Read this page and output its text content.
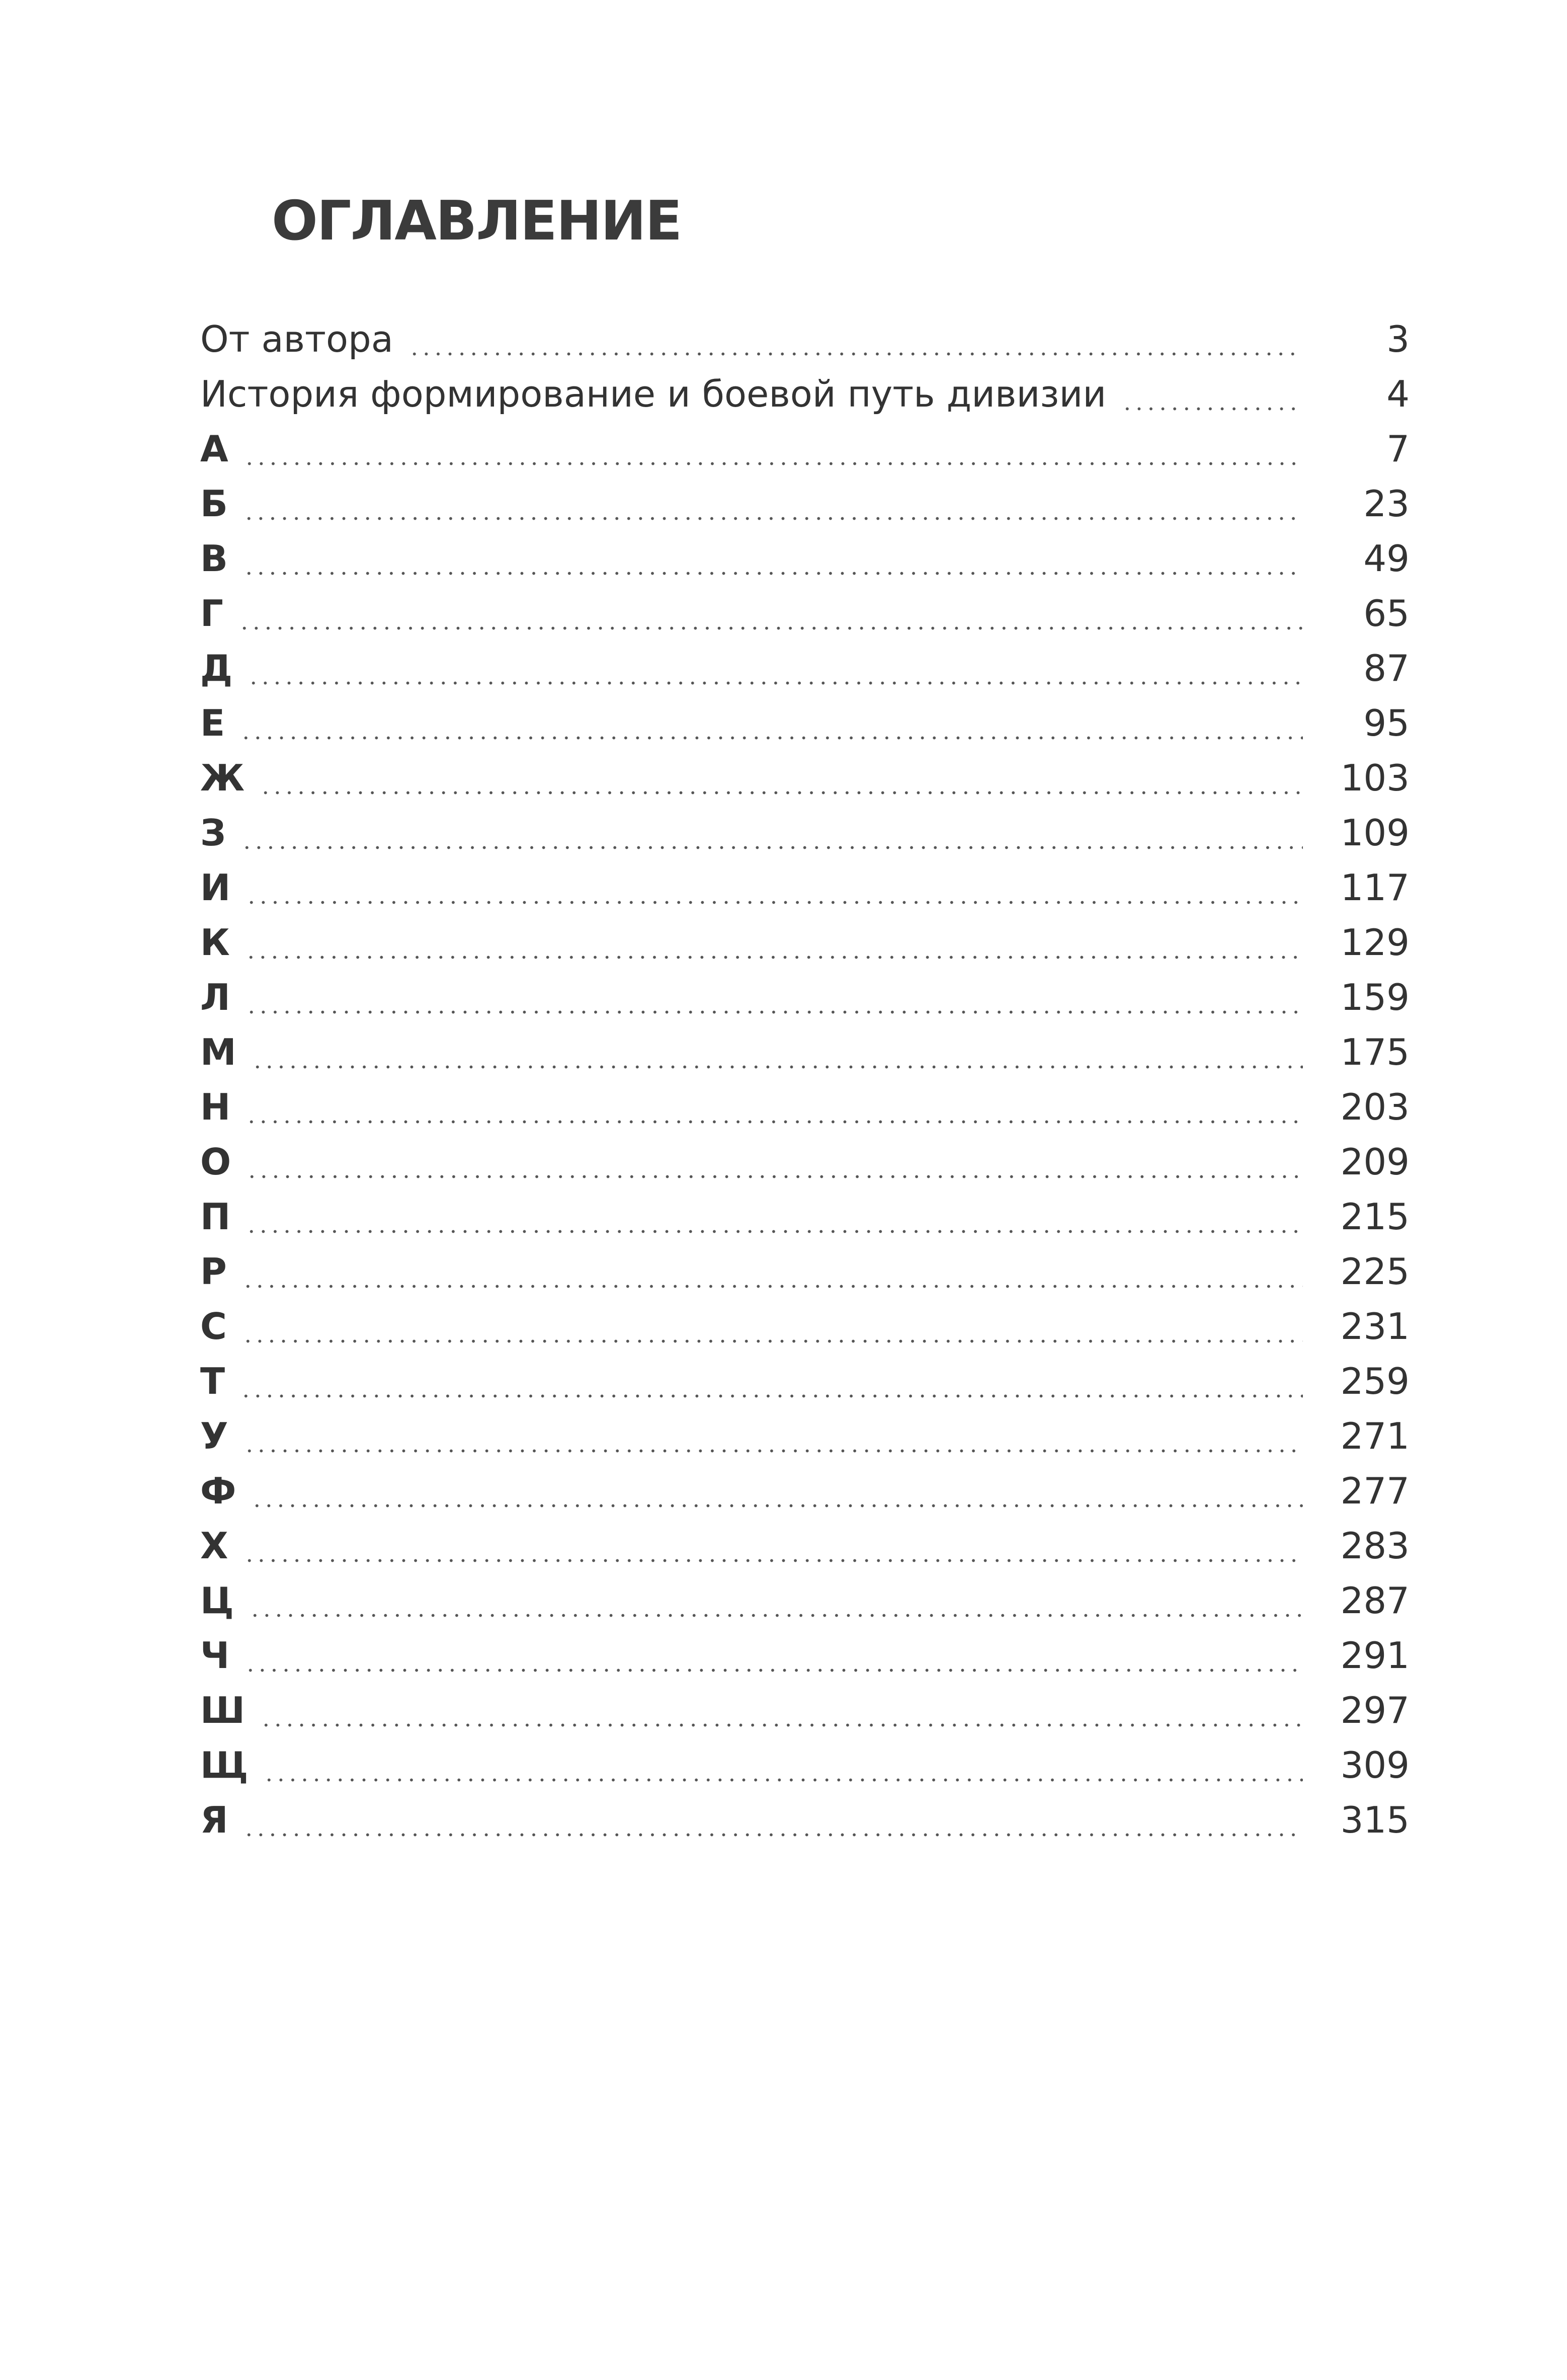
ОГЛАВЛЕНИЕ
От автора	3
История формирование и боевой путь дивизии	4
А	7
Б	23
В	49
Г	65
Д	87
Е	95
Ж	103
З	109
И	117
К	129
Л	159
М	175
Н	203
О	209
П	215
Р	225
С	231
Т	259
У	271
Ф	277
Х	283
Ц	287
Ч	291
Ш	297
Щ	309
Я	315
